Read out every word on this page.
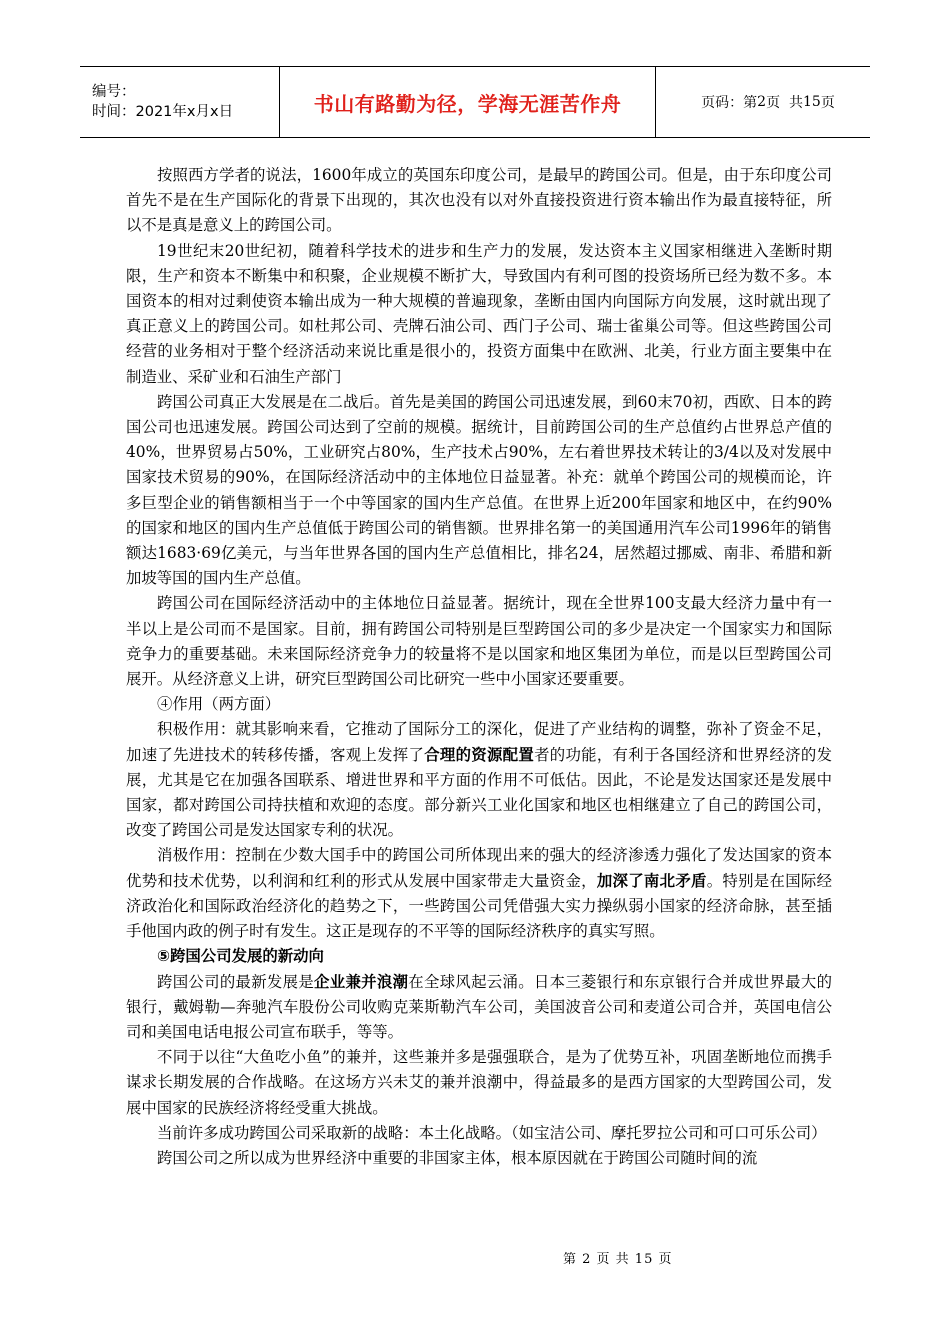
编号：
时间：2021年x月x日	书山有路勤为径，学海无涯苦作舟	页码：第 2 页  共 15 页

按照西方学者的说法，1600年成立的英国东印度公司，是最早的跨国公司。但是，由于东印度公司首先不是在生产国际化的背景下出现的，其次也没有以对外直接投资进行资本输出作为最直接特征，所以不是真是意义上的跨国公司。

19世纪末20世纪初，随着科学技术的进步和生产力的发展，发达资本主义国家相继进入垄断时期限，生产和资本不断集中和积聚，企业规模不断扩大，导致国内有利可图的投资场所已经为数不多。本国资本的相对过剩使资本输出成为一种大规模的普遍现象，垄断由国内向国际方向发展，这时就出现了真正意义上的跨国公司。如杜邦公司、壳牌石油公司、西门子公司、瑞士雀巢公司等。但这些跨国公司经营的业务相对于整个经济活动来说比重是很小的，投资方面集中在欧洲、北美，行业方面主要集中在制造业、采矿业和石油生产部门

跨国公司真正大发展是在二战后。首先是美国的跨国公司迅速发展，到60末70初，西欧、日本的跨国公司也迅速发展。跨国公司达到了空前的规模。据统计，目前跨国公司的生产总值约占世界总产值的40%，世界贸易占50%，工业研究占80%，生产技术占90%，左右着世界技术转让的3/4以及对发展中国家技术贸易的90%，在国际经济活动中的主体地位日益显著。补充：就单个跨国公司的规模而论，许多巨型企业的销售额相当于一个中等国家的国内生产总值。在世界上近200年国家和地区中，在约90%的国家和地区的国内生产总值低于跨国公司的销售额。世界排名第一的美国通用汽车公司1996年的销售额达1683·69亿美元，与当年世界各国的国内生产总值相比，排名24，居然超过挪威、南非、希腊和新加坡等国的国内生产总值。

跨国公司在国际经济活动中的主体地位日益显著。据统计，现在全世界100支最大经济力量中有一半以上是公司而不是国家。目前，拥有跨国公司特别是巨型跨国公司的多少是决定一个国家实力和国际竞争力的重要基础。未来国际经济竞争力的较量将不是以国家和地区集团为单位，而是以巨型跨国公司展开。从经济意义上讲，研究巨型跨国公司比研究一些中小国家还要重要。

④作用（两方面）

积极作用：就其影响来看，它推动了国际分工的深化，促进了产业结构的调整，弥补了资金不足，加速了先进技术的转移传播，客观上发挥了合理的资源配置者的功能，有利于各国经济和世界经济的发展，尤其是它在加强各国联系、增进世界和平方面的作用不可低估。因此，不论是发达国家还是发展中国家，都对跨国公司持扶植和欢迎的态度。部分新兴工业化国家和地区也相继建立了自己的跨国公司，改变了跨国公司是发达国家专利的状况。

消极作用：控制在少数大国手中的跨国公司所体现出来的强大的经济渗透力强化了发达国家的资本优势和技术优势，以利润和红利的形式从发展中国家带走大量资金，加深了南北矛盾。特别是在国际经济政治化和国际政治经济化的趋势之下，一些跨国公司凭借强大实力操纵弱小国家的经济命脉，甚至插手他国内政的例子时有发生。这正是现存的不平等的国际经济秩序的真实写照。

⑤跨国公司发展的新动向

跨国公司的最新发展是企业兼并浪潮在全球风起云涌。日本三菱银行和东京银行合并成世界最大的银行，戴姆勒—奔驰汽车股份公司收购克莱斯勒汽车公司，美国波音公司和麦道公司合并，英国电信公司和美国电话电报公司宣布联手，等等。

不同于以往“大鱼吃小鱼”的兼并，这些兼并多是强强联合，是为了优势互补，巩固垄断地位而携手谋求长期发展的合作战略。在这场方兴未艾的兼并浪潮中，得益最多的是西方国家的大型跨国公司，发展中国家的民族经济将经受重大挑战。

当前许多成功跨国公司采取新的战略：本土化战略。（如宝洁公司、摩托罗拉公司和可口可乐公司）

跨国公司之所以成为世界经济中重要的非国家主体，根本原因就在于跨国公司随时间的流

第 2 页 共 15 页
